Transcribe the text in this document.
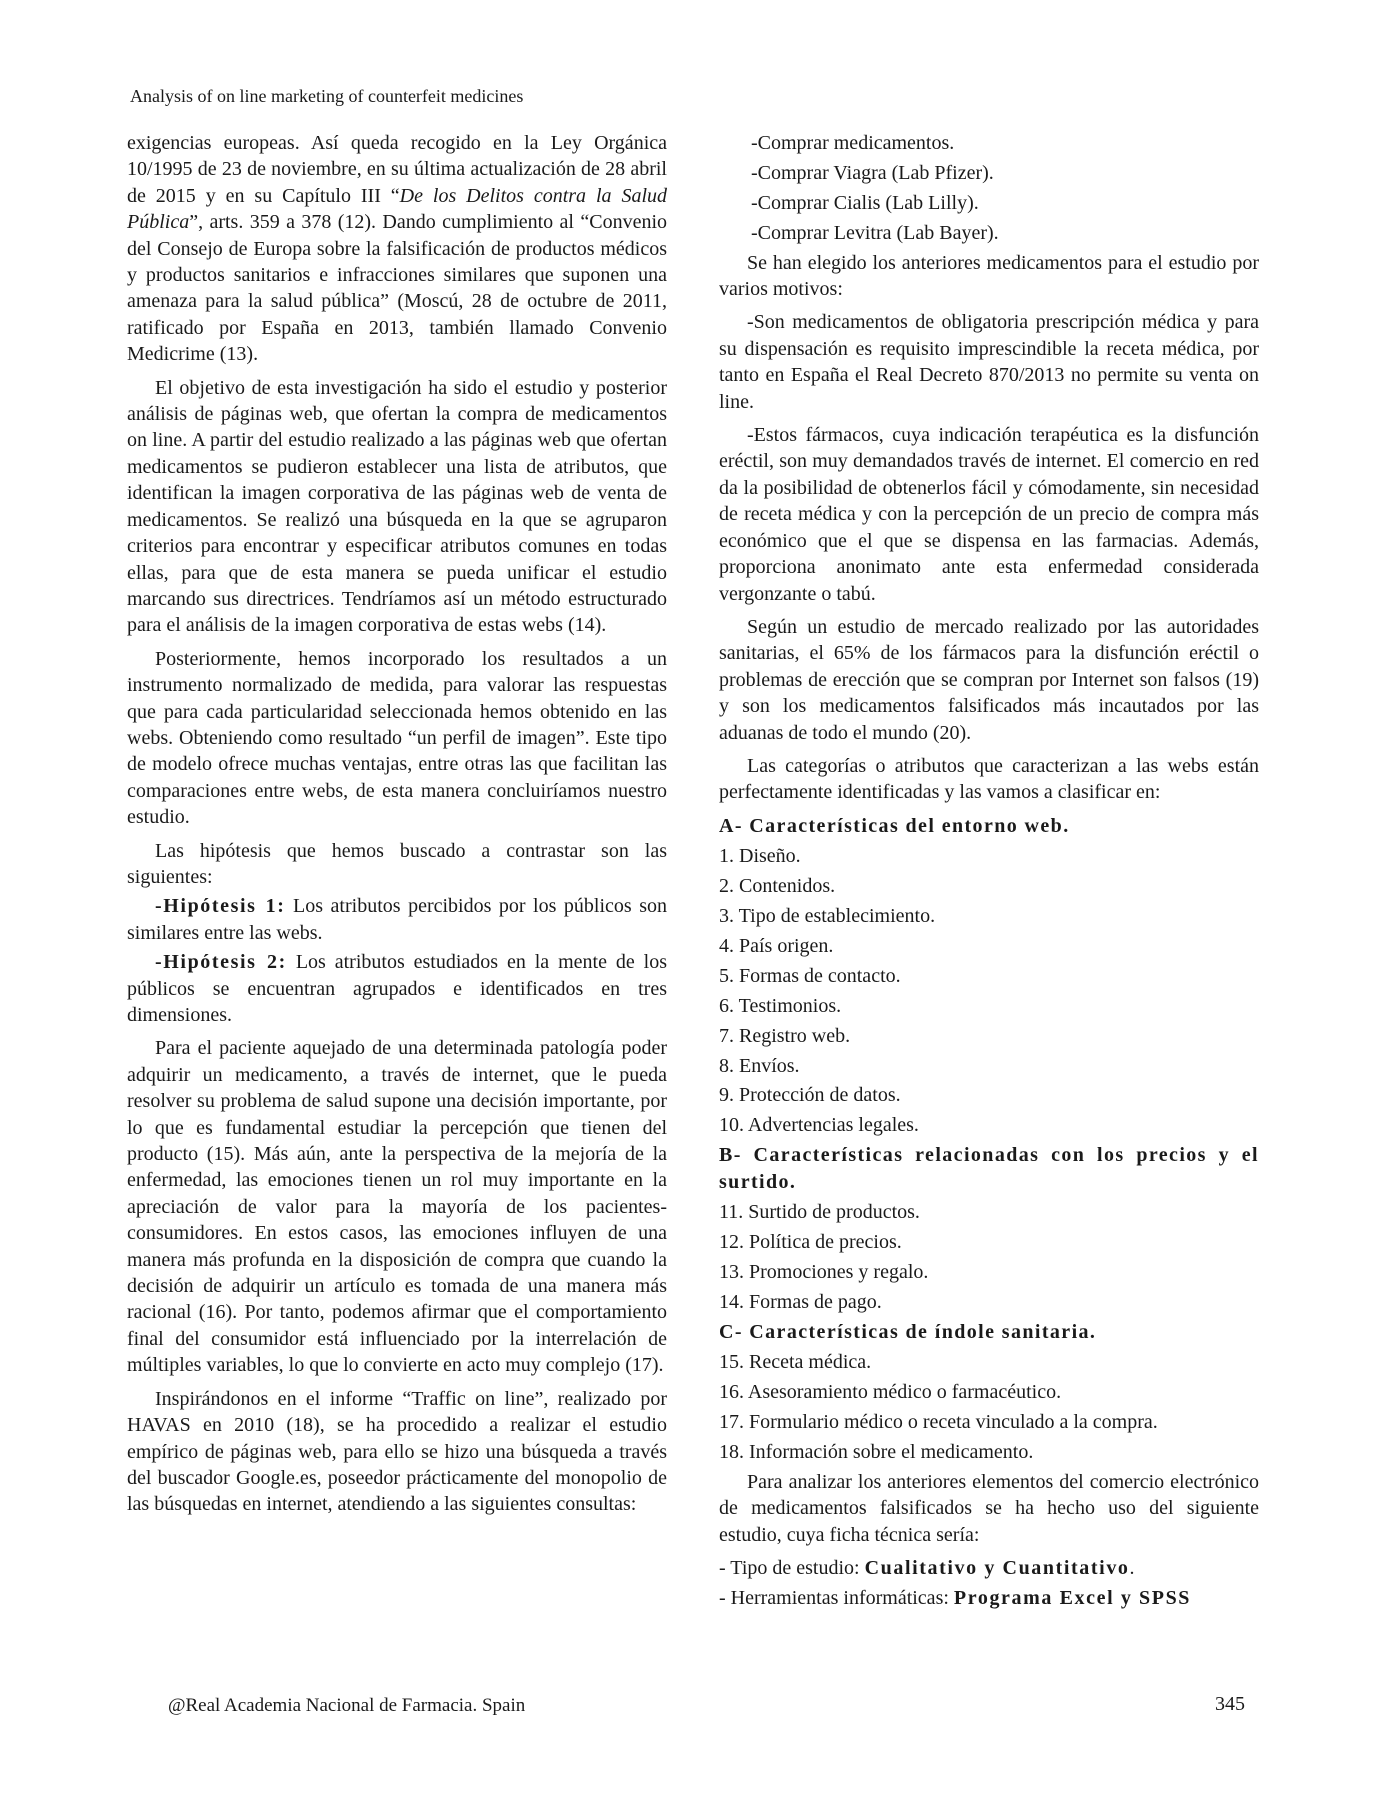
Analysis of on line marketing of counterfeit medicines

exigencias europeas. Así queda recogido en la Ley Orgánica 10/1995 de 23 de noviembre, en su última actualización de 28 abril de 2015 y en su Capítulo III “De los Delitos contra la Salud Pública”, arts. 359 a 378 (12). Dando cumplimiento al “Convenio del Consejo de Europa sobre la falsificación de productos médicos y productos sanitarios e infracciones similares que suponen una amenaza para la salud pública” (Moscú, 28 de octubre de 2011, ratificado por España en 2013, también llamado Convenio Medicrime (13).

El objetivo de esta investigación ha sido el estudio y posterior análisis de páginas web, que ofertan la compra de medicamentos on line. A partir del estudio realizado a las páginas web que ofertan medicamentos se pudieron establecer una lista de atributos, que identifican la imagen corporativa de las páginas web de venta de medicamentos. Se realizó una búsqueda en la que se agruparon criterios para encontrar y especificar atributos comunes en todas ellas, para que de esta manera se pueda unificar el estudio marcando sus directrices. Tendríamos así un método estructurado para el análisis de la imagen corporativa de estas webs (14).

Posteriormente, hemos incorporado los resultados a un instrumento normalizado de medida, para valorar las respuestas que para cada particularidad seleccionada hemos obtenido en las webs. Obteniendo como resultado “un perfil de imagen”. Este tipo de modelo ofrece muchas ventajas, entre otras las que facilitan las comparaciones entre webs, de esta manera concluiríamos nuestro estudio.

Las hipótesis que hemos buscado a contrastar son las siguientes:

-Hipótesis 1: Los atributos percibidos por los públicos son similares entre las webs.

-Hipótesis 2: Los atributos estudiados en la mente de los públicos se encuentran agrupados e identificados en tres dimensiones.

Para el paciente aquejado de una determinada patología poder adquirir un medicamento, a través de internet, que le pueda resolver su problema de salud supone una decisión importante, por lo que es fundamental estudiar la percepción que tienen del producto (15). Más aún, ante la perspectiva de la mejoría de la enfermedad, las emociones tienen un rol muy importante en la apreciación de valor para la mayoría de los pacientes-consumidores. En estos casos, las emociones influyen de una manera más profunda en la disposición de compra que cuando la decisión de adquirir un artículo es tomada de una manera más racional (16). Por tanto, podemos afirmar que el comportamiento final del consumidor está influenciado por la interrelación de múltiples variables, lo que lo convierte en acto muy complejo (17).

Inspirándonos en el informe “Traffic on line”, realizado por HAVAS en 2010 (18), se ha procedido a realizar el estudio empírico de páginas web, para ello se hizo una búsqueda a través del buscador Google.es, poseedor prácticamente del monopolio de las búsquedas en internet, atendiendo a las siguientes consultas:

-Comprar medicamentos.

-Comprar Viagra (Lab Pfizer).

-Comprar Cialis (Lab Lilly).

-Comprar Levitra (Lab Bayer).

Se han elegido los anteriores medicamentos para el estudio por varios motivos:

-Son medicamentos de obligatoria prescripción médica y para su dispensación es requisito imprescindible la receta médica, por tanto en España el Real Decreto 870/2013 no permite su venta on line.

-Estos fármacos, cuya indicación terapéutica es la disfunción eréctil, son muy demandados través de internet. El comercio en red da la posibilidad de obtenerlos fácil y cómodamente, sin necesidad de receta médica y con la percepción de un precio de compra más económico que el que se dispensa en las farmacias. Además, proporciona anonimato ante esta enfermedad considerada vergonzante o tabú.

Según un estudio de mercado realizado por las autoridades sanitarias, el 65% de los fármacos para la disfunción eréctil o problemas de erección que se compran por Internet son falsos (19) y son los medicamentos falsificados más incautados por las aduanas de todo el mundo (20).

Las categorías o atributos que caracterizan a las webs están perfectamente identificadas y las vamos a clasificar en:

A- Características del entorno web.

1. Diseño.

2. Contenidos.

3. Tipo de establecimiento.

4. País origen.

5. Formas de contacto.

6. Testimonios.

7. Registro web.

8. Envíos.

9. Protección de datos.

10. Advertencias legales.

B- Características relacionadas con los precios y el surtido.

11. Surtido de productos.

12. Política de precios.

13. Promociones y regalo.

14. Formas de pago.

C- Características de índole sanitaria.

15. Receta médica.

16. Asesoramiento médico o farmacéutico.

17. Formulario médico o receta vinculado a la compra.

18. Información sobre el medicamento.

Para analizar los anteriores elementos del comercio electrónico de medicamentos falsificados se ha hecho uso del siguiente estudio, cuya ficha técnica sería:

- Tipo de estudio: Cualitativo y Cuantitativo.

- Herramientas informáticas: Programa Excel y SPSS

@Real Academia Nacional de Farmacia. Spain	345
